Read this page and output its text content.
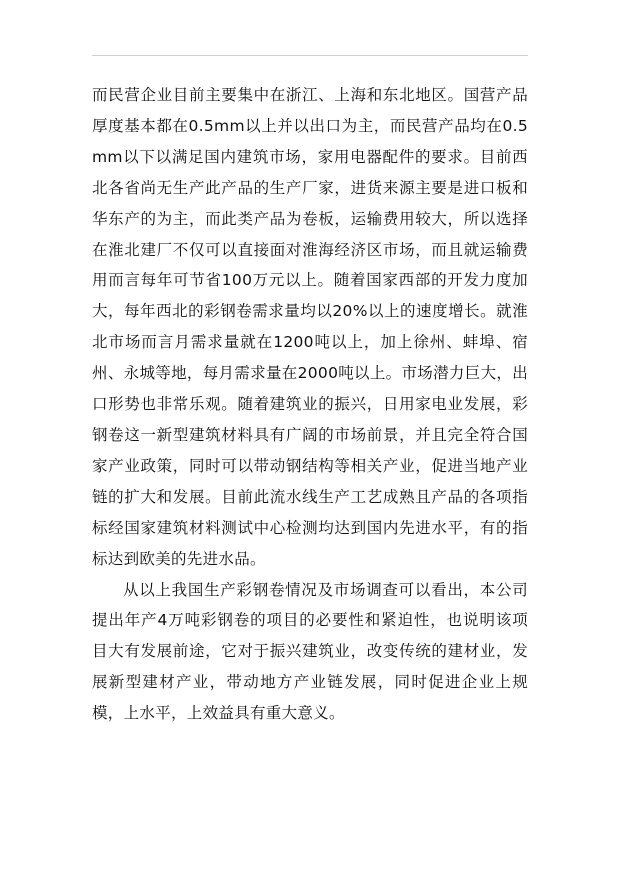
而民营企业目前主要集中在浙江、上海和东北地区。国营产品厚度基本都在0.5mm以上并以出口为主，而民营产品均在0.5mm以下以满足国内建筑市场，家用电器配件的要求。目前西北各省尚无生产此产品的生产厂家，进货来源主要是进口板和华东产的为主，而此类产品为卷板，运输费用较大，所以选择在淮北建厂不仅可以直接面对淮海经济区市场，而且就运输费用而言每年可节省100万元以上。随着国家西部的开发力度加大，每年西北的彩钢卷需求量均以20%以上的速度增长。就淮北市场而言月需求量就在1200吨以上，加上徐州、蚌埠、宿州、永城等地，每月需求量在2000吨以上。市场潜力巨大，出口形势也非常乐观。随着建筑业的振兴，日用家电业发展，彩钢卷这一新型建筑材料具有广阔的市场前景，并且完全符合国家产业政策，同时可以带动钢结构等相关产业，促进当地产业链的扩大和发展。目前此流水线生产工艺成熟且产品的各项指标经国家建筑材料测试中心检测均达到国内先进水平，有的指标达到欧美的先进水品。

从以上我国生产彩钢卷情况及市场调查可以看出，本公司提出年产4万吨彩钢卷的项目的必要性和紧迫性，也说明该项目大有发展前途，它对于振兴建筑业，改变传统的建材业，发展新型建材产业，带动地方产业链发展，同时促进企业上规模，上水平，上效益具有重大意义。
